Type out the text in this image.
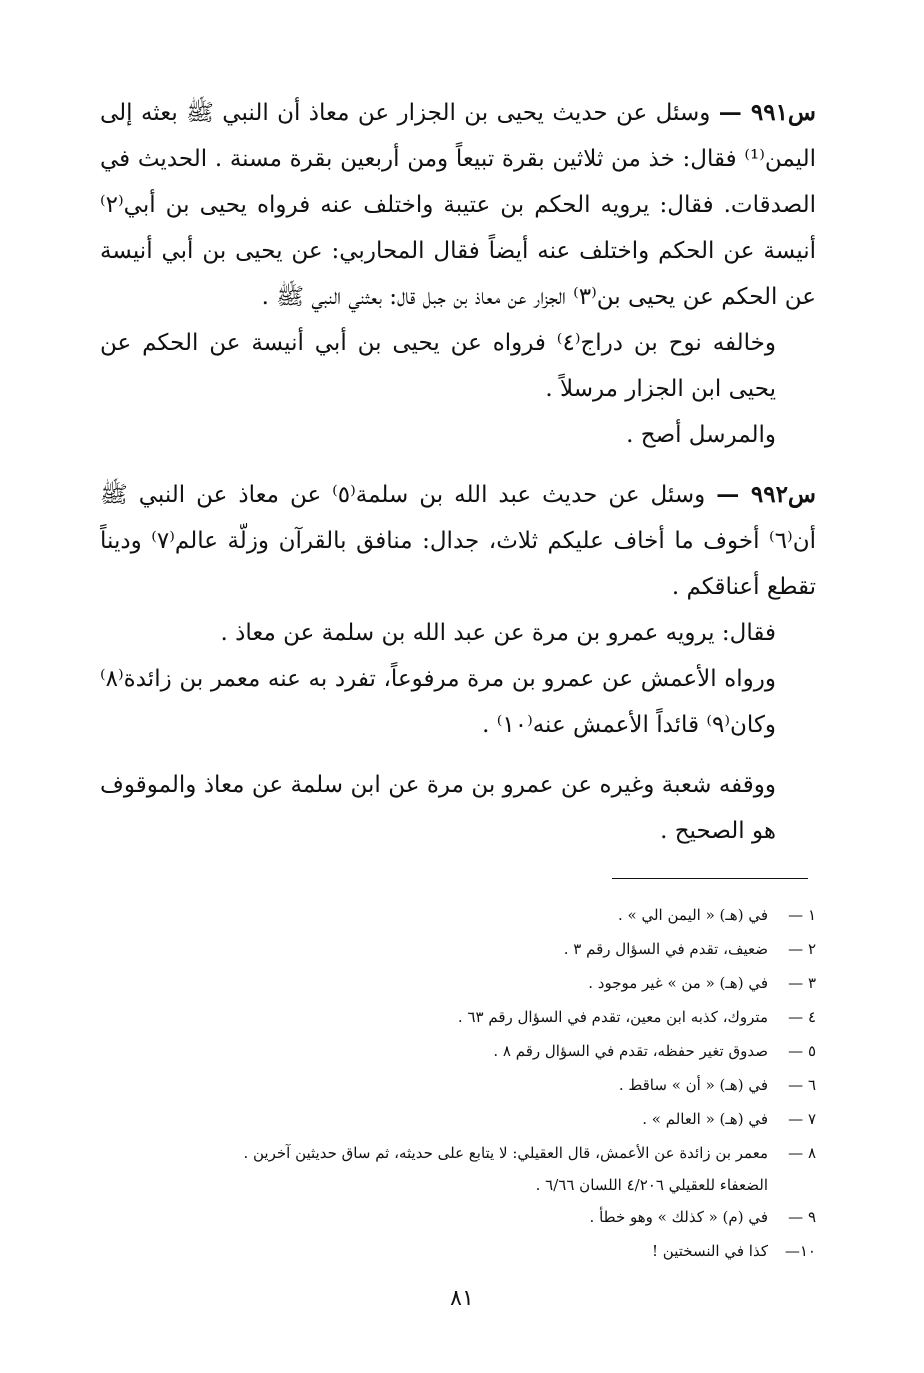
س۹۹۱ — وسئل عن حديث يحيى بن الجزار عن معاذ أن النبي ﷺ بعثه إلى اليمن⁽¹⁾ فقال: خذ من ثلاثين بقرة تبيعاً ومن أربعين بقرة مسنة . الحديث في الصدقات. فقال: يرويه الحكم بن عتيبة واختلف عنه فرواه يحيى بن أبي⁽٢⁾ أنيسة عن الحكم واختلف عنه أيضاً فقال المحاربي: عن يحيى بن أبي أنيسة عن الحكم عن يحيى بن⁽٣⁾ الجزار عن معاذ بن جبل قال: بعثني النبي ﷺ .

وخالفه نوح بن دراج⁽٤⁾ فرواه عن يحيى بن أبي أنيسة عن الحكم عن يحيى ابن الجزار مرسلاً .

والمرسل أصح .

س۹۹۲ — وسئل عن حديث عبد الله بن سلمة⁽٥⁾ عن معاذ عن النبي ﷺ أن⁽٦⁾ أخوف ما أخاف عليكم ثلاث، جدال: منافق بالقرآن وزلّة عالم⁽٧⁾ وديناً تقطع أعناقكم .

فقال: يرويه عمرو بن مرة عن عبد الله بن سلمة عن معاذ .

ورواه الأعمش عن عمرو بن مرة مرفوعاً، تفرد به عنه معمر بن زائدة⁽٨⁾ وكان⁽٩⁾ قائداً الأعمش عنه⁽١٠⁾ .

ووقفه شعبة وغيره عن عمرو بن مرة عن ابن سلمة عن معاذ والموقوف هو الصحيح .

١ —
في (هـ) « اليمن الي » .
٢ —
ضعيف، تقدم في السؤال رقم ٣ .
٣ —
في (هـ) « من » غير موجود .
٤ —
متروك، كذبه ابن معين، تقدم في السؤال رقم ٦٣ .
٥ —
صدوق تغير حفظه، تقدم في السؤال رقم ٨ .
٦ —
في (هـ) « أن » ساقط .
٧ —
في (هـ) « العالم » .
٨ —
معمر بن زائدة عن الأعمش، قال العقيلي: لا يتابع على حديثه، ثم ساق حديثين آخرين .
الضعفاء للعقيلي ٤/٢٠٦ اللسان ٦/٦٦ .
٩ —
في (م) « كذلك » وهو خطأ .
١٠—
كذا في النسختين !
۸۱
